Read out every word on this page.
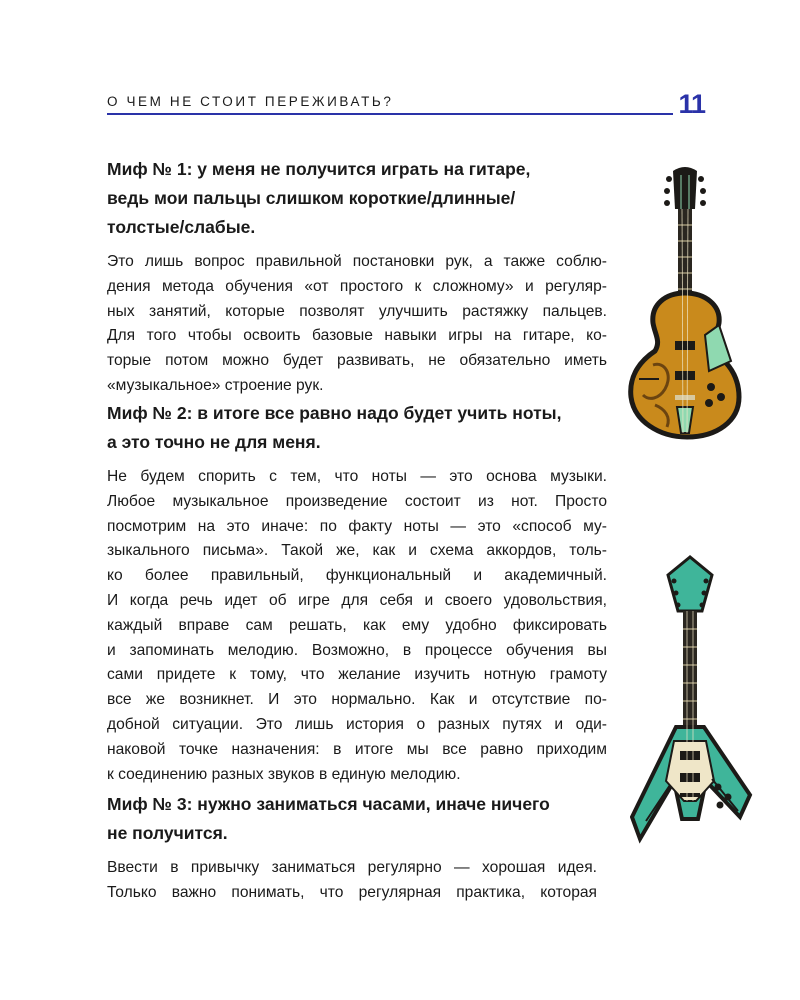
О ЧЕМ НЕ СТОИТ ПЕРЕЖИВАТЬ?	11
Миф № 1: у меня не получится играть на гитаре,
ведь мои пальцы слишком короткие/длинные/
толстые/слабые.

Это лишь вопрос правильной постановки рук, а также соблю-
дения метода обучения «от простого к сложному» и регуляр-
ных занятий, которые позволят улучшить растяжку пальцев.
Для того чтобы освоить базовые навыки игры на гитаре, ко-
торые потом можно будет развивать, не обязательно иметь
«музыкальное» строение рук.

Миф № 2: в итоге все равно надо будет учить ноты,
а это точно не для меня.

Не будем спорить с тем, что ноты — это основа музыки.
Любое музыкальное произведение состоит из нот. Просто
посмотрим на это иначе: по факту ноты — это «способ му-
зыкального письма». Такой же, как и схема аккордов, толь-
ко более правильный, функциональный и академичный.
И когда речь идет об игре для себя и своего удовольствия,
каждый вправе сам решать, как ему удобно фиксировать
и запоминать мелодию. Возможно, в процессе обучения вы
сами придете к тому, что желание изучить нотную грамоту
все же возникнет. И это нормально. Как и отсутствие по-
добной ситуации. Это лишь история о разных путях и оди-
наковой точке назначения: в итоге мы все равно приходим
к соединению разных звуков в единую мелодию.

Миф № 3: нужно заниматься часами, иначе ничего
не получится.

Ввести в привычку заниматься регулярно — хорошая идея.
Только важно понимать, что регулярная практика, которая
